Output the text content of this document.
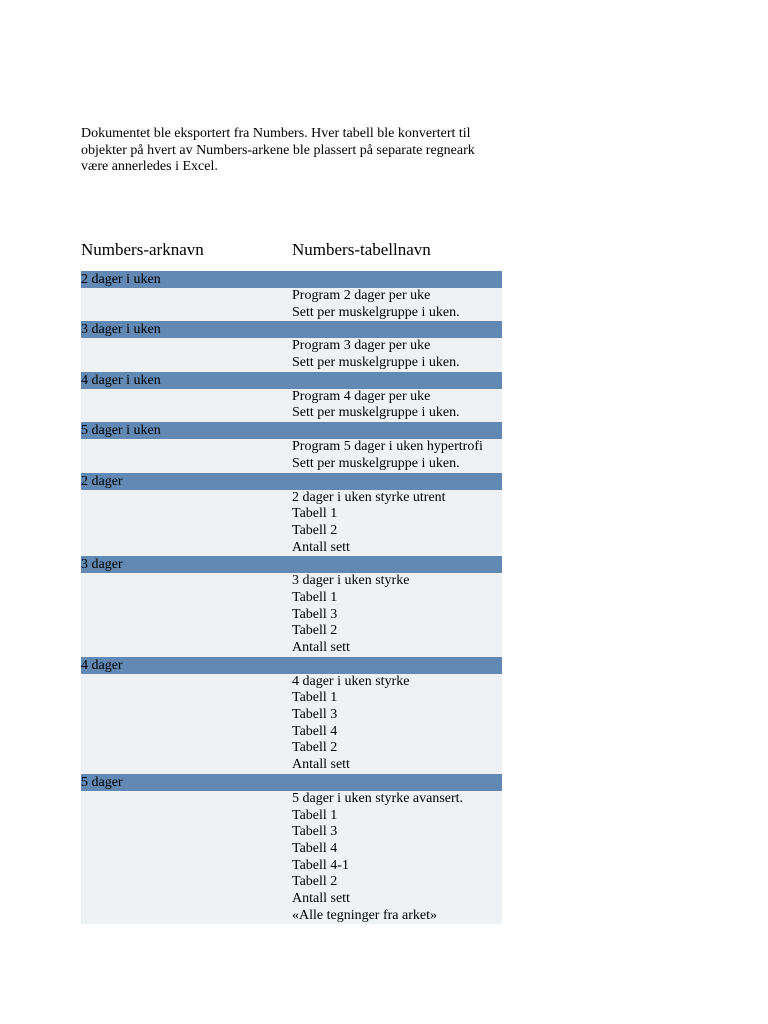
Dokumentet ble eksportert fra Numbers. Hver tabell ble konvertert til
objekter på hvert av Numbers-arkene ble plassert på separate regneark
være annerledes i Excel.
Numbers-arknavn	Numbers-tabellnavn
2 dager i uken
Program 2 dager per uke
Sett per muskelgruppe i uken.
3 dager i uken
Program 3 dager per uke
Sett per muskelgruppe i uken.
4 dager i uken
Program 4 dager per uke
Sett per muskelgruppe i uken.
5 dager i uken
Program 5 dager i uken hypertrofi
Sett per muskelgruppe i uken.
2 dager
2 dager i uken styrke utrent
Tabell 1
Tabell 2
Antall sett
3 dager
3 dager i uken styrke
Tabell 1
Tabell 3
Tabell 2
Antall sett
4 dager
4 dager i uken styrke
Tabell 1
Tabell 3
Tabell 4
Tabell 2
Antall sett
5 dager
5 dager i uken styrke avansert.
Tabell 1
Tabell 3
Tabell 4
Tabell 4-1
Tabell 2
Antall sett
«Alle tegninger fra arket»
